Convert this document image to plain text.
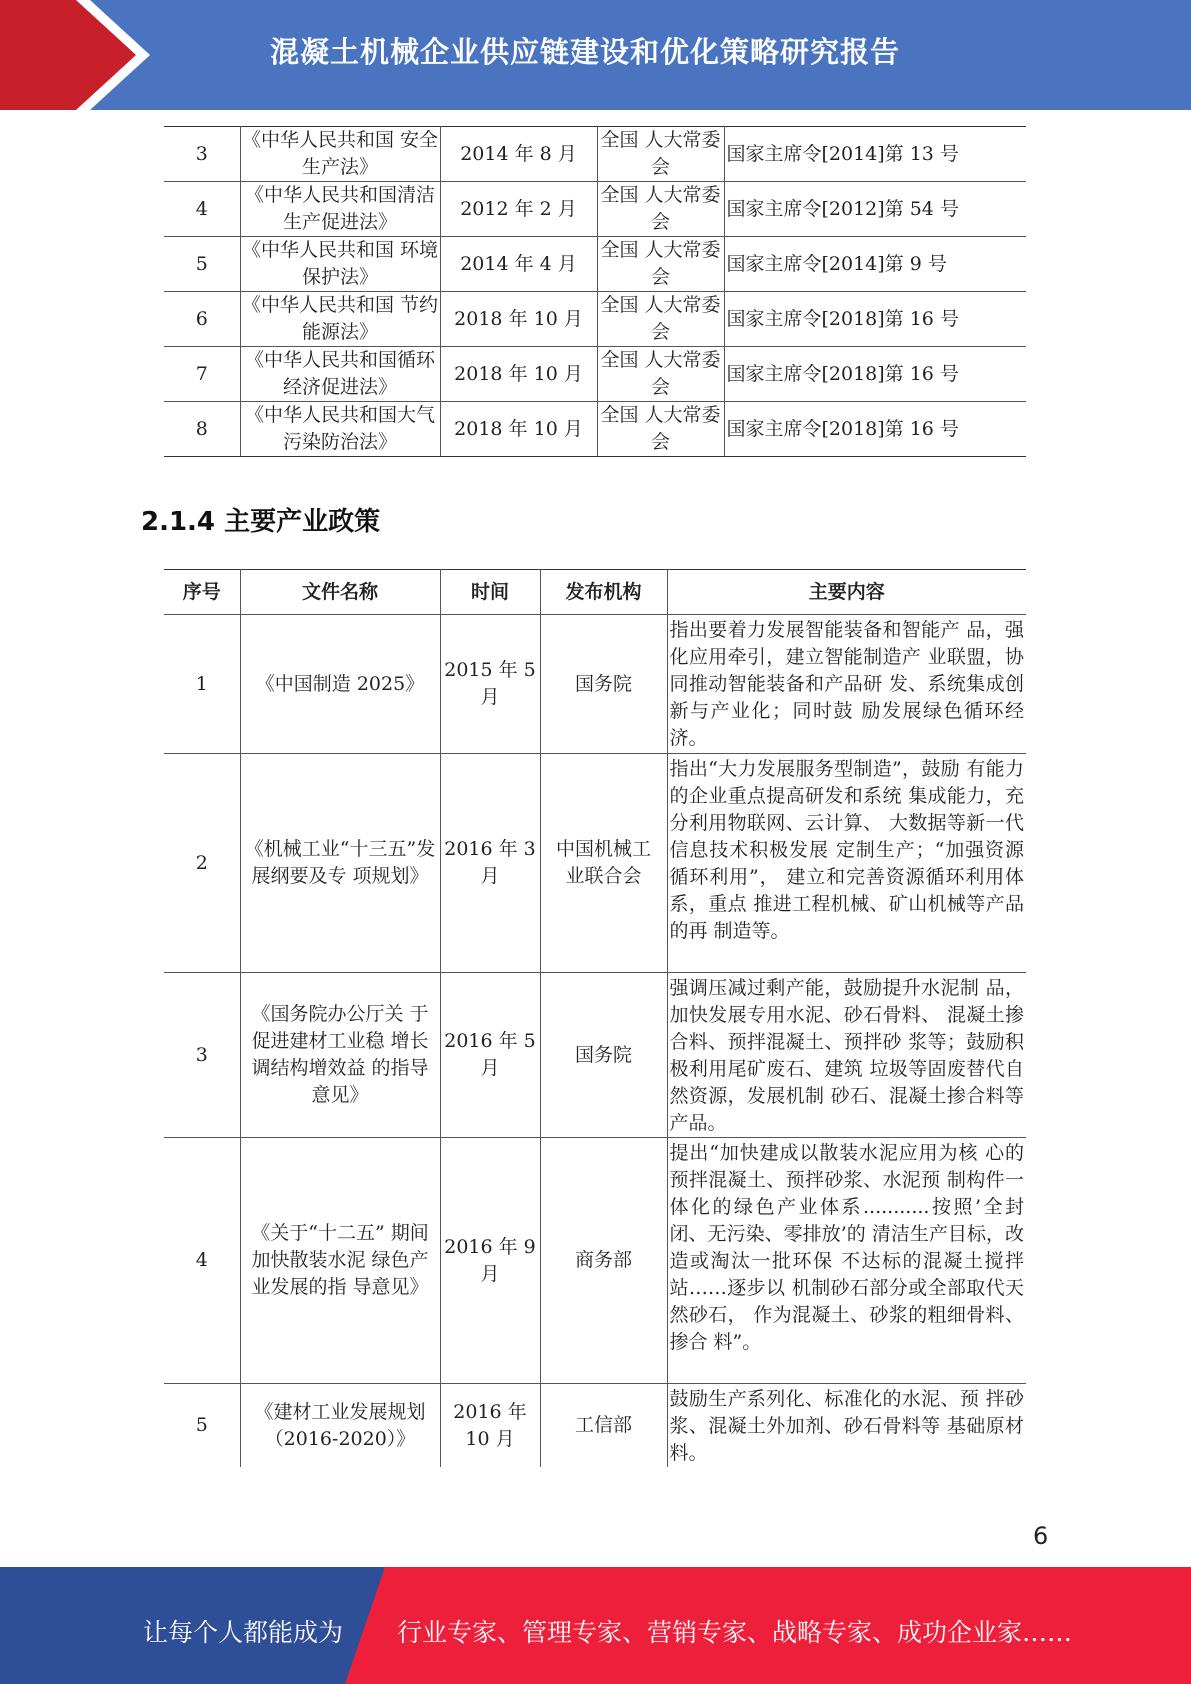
混凝土机械企业供应链建设和优化策略研究报告
3	《中华人民共和国 安全生产法》	2014 年 8 月	全国 人大常委会	国家主席令[2014]第 13 号
4	《中华人民共和国清洁生产促进法》	2012 年 2 月	全国 人大常委会	国家主席令[2012]第 54 号
5	《中华人民共和国 环境保护法》	2014 年 4 月	全国 人大常委会	国家主席令[2014]第 9 号
6	《中华人民共和国 节约能源法》	2018 年 10 月	全国 人大常委会	国家主席令[2018]第 16 号
7	《中华人民共和国循环经济促进法》	2018 年 10 月	全国 人大常委会	国家主席令[2018]第 16 号
8	《中华人民共和国大气污染防治法》	2018 年 10 月	全国 人大常委会	国家主席令[2018]第 16 号
2.1.4 主要产业政策
序号	文件名称	时间	发布机构	主要内容
1	《中国制造 2025》	2015 年 5 月	国务院	指出要着力发展智能装备和智能产 品，强化应用牵引，建立智能制造产 业联盟，协同推动智能装备和产品研 发、系统集成创新与产业化；同时鼓 励发展绿色循环经济。
2	《机械工业“十三五”发展纲要及专 项规划》	2016 年 3 月	中国机械工业联合会	指出“大力发展服务型制造”，鼓励 有能力的企业重点提高研发和系统 集成能力，充分利用物联网、云计算、 大数据等新一代信息技术积极发展 定制生产；“加强资源循环利用”， 建立和完善资源循环利用体系，重点 推进工程机械、矿山机械等产品的再 制造等。
3	《国务院办公厅关 于促进建材工业稳 增长调结构增效益 的指导意见》	2016 年 5 月	国务院	强调压减过剩产能，鼓励提升水泥制 品，加快发展专用水泥、砂石骨料、 混凝土掺合料、预拌混凝土、预拌砂 浆等；鼓励积极利用尾矿废石、建筑 垃圾等固废替代自然资源，发展机制 砂石、混凝土掺合料等产品。
4	《关于“十二五” 期间加快散装水泥 绿色产业发展的指 导意见》	2016 年 9 月	商务部	提出“加快建成以散装水泥应用为核 心的预拌混凝土、预拌砂浆、水泥预 制构件一体化的绿色产业体系...........按照’全封闭、无污染、零排放’的 清洁生产目标，改造或淘汰一批环保 不达标的混凝土搅拌站……逐步以 机制砂石部分或全部取代天然砂石， 作为混凝土、砂浆的粗细骨料、掺合 料”。
5	《建材工业发展规划（2016-2020）》	2016 年 10 月	工信部	鼓励生产系列化、标准化的水泥、预 拌砂浆、混凝土外加剂、砂石骨料等 基础原材料。
6
让每个人都能成为 行业专家、管理专家、营销专家、战略专家、成功企业家……
